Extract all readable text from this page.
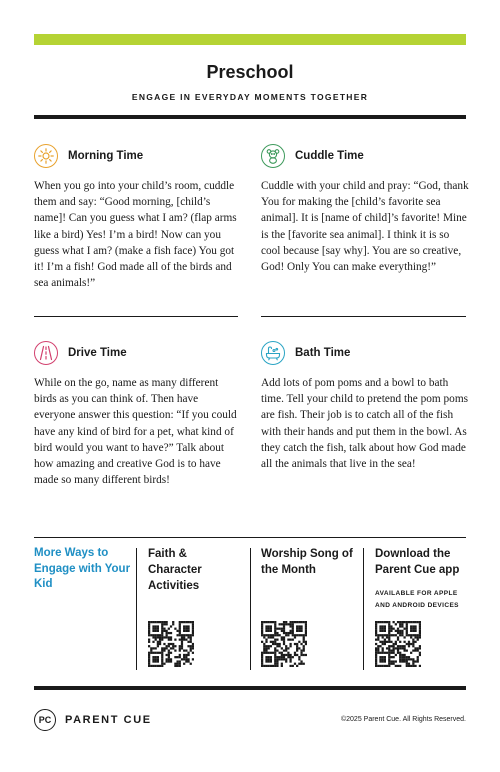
Preschool
ENGAGE IN EVERYDAY MOMENTS TOGETHER
Morning Time
When you go into your child’s room, cuddle them and say: “Good morning, [child’s name]! Can you guess what I am? (flap arms like a bird) Yes! I’m a bird! Now can you guess what I am? (make a fish face) You got it! I’m a fish! God made all of the birds and sea animals!”
Cuddle Time
Cuddle with your child and pray: “God, thank You for making the [child’s favorite sea animal]. It is [name of child]’s favorite! Mine is the [favorite sea animal]. I think it is so cool because [say why]. You are so creative, God! Only You can make everything!”
Drive Time
While on the go, name as many different birds as you can think of. Then have everyone answer this question: “If you could have any kind of bird for a pet, what kind of bird would you want to have?” Talk about how amazing and creative God is to have made so many different birds!
Bath Time
Add lots of pom poms and a bowl to bath time. Tell your child to pretend the pom poms are fish. Their job is to catch all of the fish with their hands and put them in the bowl. As they catch the fish, talk about how God made all the animals that live in the sea!
More Ways to Engage with Your Kid
Faith & Character Activities
Worship Song of the Month
Download the Parent Cue app
AVAILABLE FOR APPLE AND ANDROID DEVICES
PC	PARENT CUE	©2025 Parent Cue. All Rights Reserved.
